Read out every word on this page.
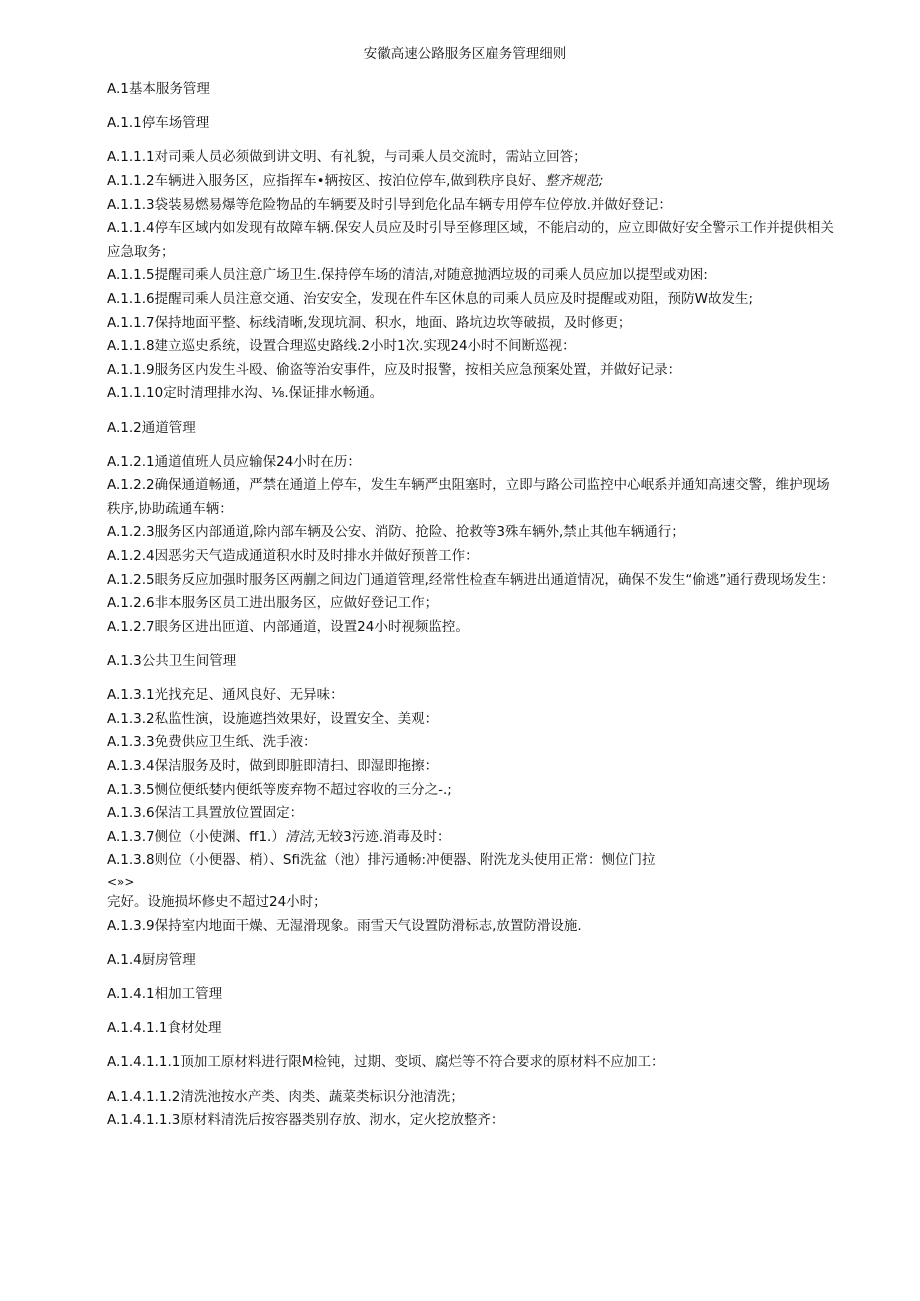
安徽高速公路服务区雇务管理细则
A.1基本服务管理
A.1.1停车场管理
A.1.1.1对司乘人员必须做到讲文明、有礼貌，与司乘人员交流时，需站立回答；
A.1.1.2车辆进入服务区，应指挥车•辆按区、按泊位停车,做到秩序良好、整齐规范;
A.1.1.3袋装易燃易爆等危险物品的车辆要及时引导到危化品车辆专用停车位停放.并做好登记：
A.1.1.4停车区域内如发现有故障车辆.保安人员应及时引导至修理区域，不能启动的，应立即做好安全警示工作并提供相关应急取务；
A.1.1.5提醒司乘人员注意广场卫生.保持停车场的清洁,对随意抛洒垃圾的司乘人员应加以提型或劝困:
A.1.1.6提醒司乘人员注意交通、治安安全，发现在件车区休息的司乘人员应及时提醒或劝阻，预防W故发生;
A.1.1.7保持地面平整、标线清晰,发现坑洞、积水，地面、路坑边坎等破损，及时修更；
A.1.1.8建立巡史系统，设置合理巡史路线.2小时1次.实现24小时不间断巡视：
A.1.1.9服务区内发生斗殴、偷盗等治安事件，应及时报警，按相关应急预案处置，并做好记录：
A.1.1.10定时清理排水沟、⅛.保证排水畅通。
A.1.2通道管理
A.1.2.1通道值班人员应输保24小时在历：
A.1.2.2确保通道畅通，严禁在通道上停车，发生车辆严虫阻塞时，立即与路公司监控中心岷系并通知高速交警，维护现场秩序,协助疏通车辆：
A.1.2.3服务区内部通道,除内部车辆及公安、消防、抢险、抢救等3殊车辆外,禁止其他车辆通行；
A.1.2.4因恶劣天气造成通道积水时及时排水并做好预普工作：
A.1.2.5眼务反应加强时服务区两蒯之间边门通道管理,经常性检查车辆进出通道情况，确保不发生“偷逃”通行费现场发生：
A.1.2.6非本服务区员工进出服务区，应做好登记工作；
A.1.2.7眼务区进出匝道、内部通道，设置24小时视频监控。
A.1.3公共卫生间管理
A.1.3.1光找充足、通风良好、无异味：
A.1.3.2私监性演，设施遮挡效果好，设置安全、美观：
A.1.3.3免费供应卫生纸、洗手液：
A.1.3.4保洁服务及时，做到即脏即清扫、即湿即拖擦：
A.1.3.5恻位便纸婪内便纸等废弃物不超过容收的三分之-.;
A.1.3.6保洁工具置放位置固定：
A.1.3.7侧位（小使渊、ff1.）清洁,无较3污迹.消毒及时：
A.1.3.8则位（小便器、梢）、Sfi洗盆（池）排污通畅:冲便器、附洗龙头使用正常：恻位门拉
<»>
完好。设施损坏修史不超过24小时；
A.1.3.9保持室内地面干燥、无湿滑现象。雨雪天气设置防滑标志,放置防滑设施.
A.1.4厨房管理
A.1.4.1相加工管理
A.1.4.1.1食材处理
A.1.4.1.1.1顶加工原材料进行限M检钝，过期、变顷、腐烂等不符合要求的原材料不应加工：
A.1.4.1.1.2清洗池按水产类、肉类、蔬菜类标识分池清洗；
A.1.4.1.1.3原材料清洗后按容器类别存放、沏水，定火挖放整齐：
